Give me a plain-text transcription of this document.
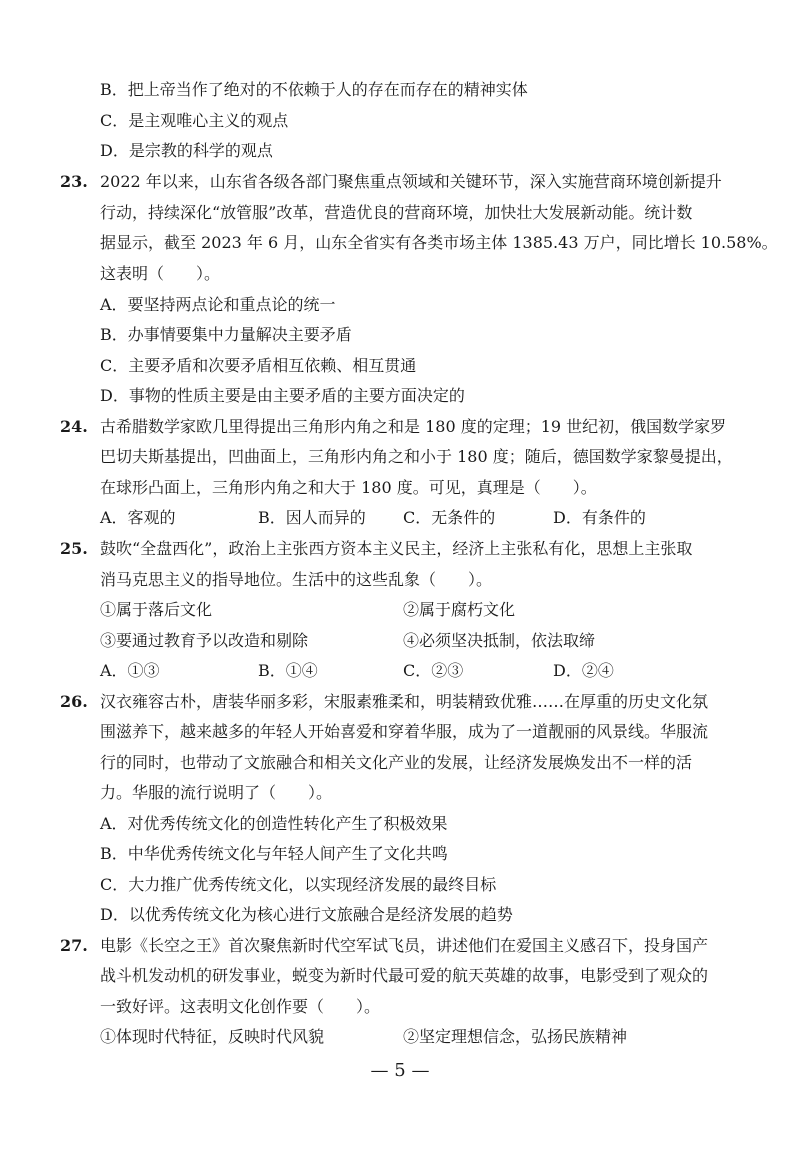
B．把上帝当作了绝对的不依赖于人的存在而存在的精神实体
C．是主观唯心主义的观点
D．是宗教的科学的观点
23. 2022 年以来，山东省各级各部门聚焦重点领域和关键环节，深入实施营商环境创新提升
行动，持续深化“放管服”改革，营造优良的营商环境，加快壮大发展新动能。统计数
据显示，截至 2023 年 6 月，山东全省实有各类市场主体 1385.43 万户，同比增长 10.58%。
这表明（　　）。
A．要坚持两点论和重点论的统一
B．办事情要集中力量解决主要矛盾
C．主要矛盾和次要矛盾相互依赖、相互贯通
D．事物的性质主要是由主要矛盾的主要方面决定的
24. 古希腊数学家欧几里得提出三角形内角之和是 180 度的定理；19 世纪初，俄国数学家罗
巴切夫斯基提出，凹曲面上，三角形内角之和小于 180 度；随后，德国数学家黎曼提出，
在球形凸面上，三角形内角之和大于 180 度。可见，真理是（　　）。
A．客观的	B．因人而异的 C．无条件的	D．有条件的
25. 鼓吹“全盘西化”，政治上主张西方资本主义民主，经济上主张私有化，思想上主张取
消马克思主义的指导地位。生活中的这些乱象（　　）。
①属于落后文化	②属于腐朽文化
③要通过教育予以改造和剔除	④必须坚决抵制，依法取缔
A．①③	B．①④	C．②③	D．②④
26. 汉衣雍容古朴，唐装华丽多彩，宋服素雅柔和，明装精致优雅……在厚重的历史文化氛
围滋养下，越来越多的年轻人开始喜爱和穿着华服，成为了一道靓丽的风景线。华服流
行的同时，也带动了文旅融合和相关文化产业的发展，让经济发展焕发出不一样的活
力。华服的流行说明了（　　）。
A．对优秀传统文化的创造性转化产生了积极效果
B．中华优秀传统文化与年轻人间产生了文化共鸣
C．大力推广优秀传统文化，以实现经济发展的最终目标
D．以优秀传统文化为核心进行文旅融合是经济发展的趋势
27. 电影《长空之王》首次聚焦新时代空军试飞员，讲述他们在爱国主义感召下，投身国产
战斗机发动机的研发事业，蜕变为新时代最可爱的航天英雄的故事，电影受到了观众的
一致好评。这表明文化创作要（　　）。
①体现时代特征，反映时代风貌	②坚定理想信念，弘扬民族精神
— 5 —
